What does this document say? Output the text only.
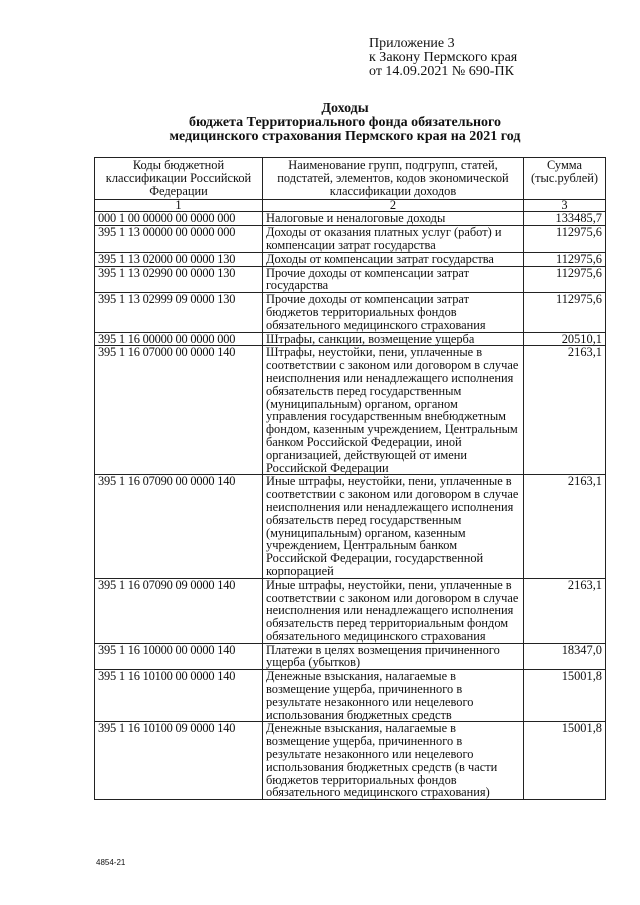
Приложение 3
к Закону Пермского края
от 14.09.2021 № 690-ПК
Доходы
бюджета Территориального фонда обязательного
медицинского страхования Пермского края на 2021 год
Коды бюджетной классификации Российской Федерации	Наименование групп, подгрупп, статей, подстатей, элементов, кодов экономической классификации доходов	Сумма (тыс.рублей)
1	2	3
000 1 00 00000 00 0000 000	Налоговые и неналоговые доходы	133485,7
395 1 13 00000 00 0000 000	Доходы от оказания платных услуг (работ) и компенсации затрат государства	112975,6
395 1 13 02000 00 0000 130	Доходы от компенсации затрат государства	112975,6
395 1 13 02990 00 0000 130	Прочие доходы от компенсации затрат государства	112975,6
395 1 13 02999 09 0000 130	Прочие доходы от компенсации затрат бюджетов территориальных фондов обязательного медицинского страхования	112975,6
395 1 16 00000 00 0000 000	Штрафы, санкции, возмещение ущерба	20510,1
395 1 16 07000 00 0000 140	Штрафы, неустойки, пени, уплаченные в соответствии с законом или договором в случае неисполнения или ненадлежащего исполнения обязательств перед государственным (муниципальным) органом, органом управления государственным внебюджетным фондом, казенным учреждением, Центральным банком Российской Федерации, иной организацией, действующей от имени Российской Федерации	2163,1
395 1 16 07090 00 0000 140	Иные штрафы, неустойки, пени, уплаченные в соответствии с законом или договором в случае неисполнения или ненадлежащего исполнения обязательств перед государственным (муниципальным) органом, казенным учреждением, Центральным банком Российской Федерации, государственной корпорацией	2163,1
395 1 16 07090 09 0000 140	Иные штрафы, неустойки, пени, уплаченные в соответствии с законом или договором в случае неисполнения или ненадлежащего исполнения обязательств перед территориальным фондом обязательного медицинского страхования	2163,1
395 1 16 10000 00 0000 140	Платежи в целях возмещения причиненного ущерба (убытков)	18347,0
395 1 16 10100 00 0000 140	Денежные взыскания, налагаемые в возмещение ущерба, причиненного в результате незаконного или нецелевого использования бюджетных средств	15001,8
395 1 16 10100 09 0000 140	Денежные взыскания, налагаемые в возмещение ущерба, причиненного в результате незаконного или нецелевого использования бюджетных средств (в части бюджетов территориальных фондов обязательного медицинского страхования)	15001,8
4854-21
